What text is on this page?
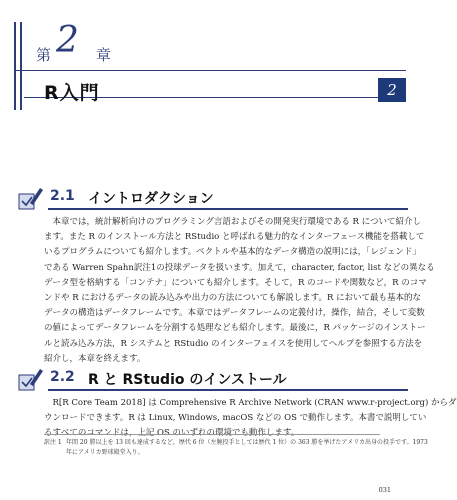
第 2 章
R入門	2
2.1 イントロダクション
本章では，統計解析向けのプログラミング言語およびその開発実行環境である R について紹介し
ます。また R のインストール方法と RStudio と呼ばれる魅力的なインターフェース機能を搭載して
いるプログラムについても紹介します。ベクトルや基本的なデータ構造の説明には，「レジェンド」
である Warren Spahn訳注1の投球データを扱います。加えて，character, factor, list などの異なる
データ型を格納する「コンテナ」についても紹介します。そして，R のコードや関数など，R のコマ
ンドや R におけるデータの読み込みや出力の方法についても解説します。R において最も基本的な
データの構造はデータフレームです。本章ではデータフレームの定義付け，操作，結合，そして変数
の値によってデータフレームを分割する処理なども紹介します。最後に，R パッケージのインストー
ルと読み込み方法，R システムと RStudio のインターフェイスを使用してヘルプを参照する方法を
紹介し，本章を終えます。
2.2 R と RStudio のインストール
R[R Core Team 2018] は Comprehensive R Archive Network (CRAN www.r-project.org) からダ
ウンロードできます。R は Linux, Windows, macOS などの OS で動作します。本書で説明してい
訳注 1 年間 20 勝以上を 13 回も達成するなど，歴代 6 位（左腕投手としては歴代 1 位）の 363 勝を挙げたアメリカ出身の投手です。1973
年にアメリカ野球殿堂入り。
031
